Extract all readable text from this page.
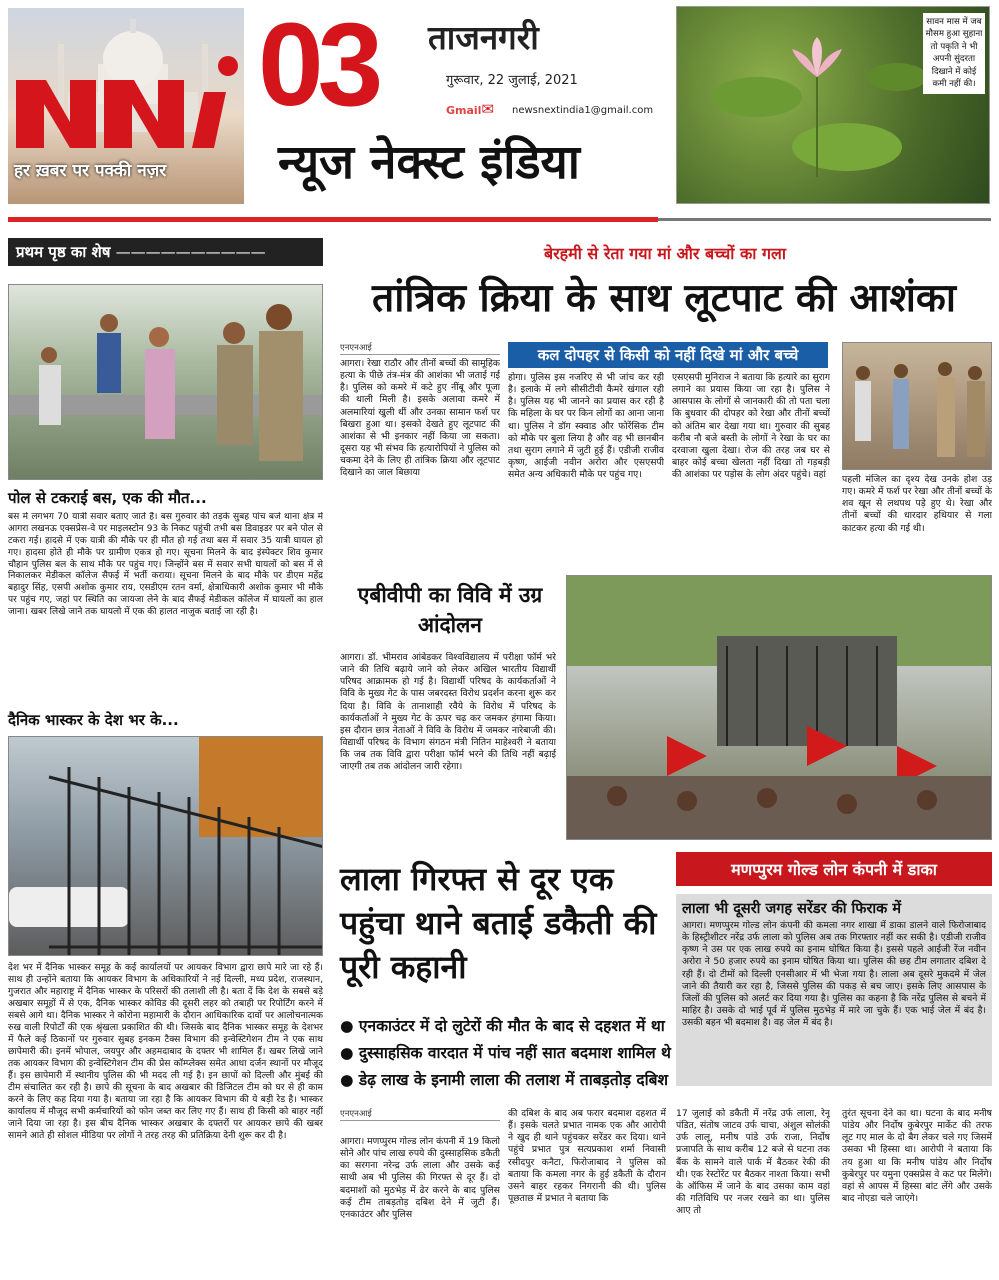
हर ख़बर पर पक्की नज़र
03 ताजनगरी
गुरूवार, 22 जुलाई, 2021
Gmail✉ newsnextindia1@gmail.com
न्यूज नेक्स्ट इंडिया
सावन मास में जब मौसम हुआ सुहाना तो पकृति ने भी अपनी सुंदरता दिखाने में कोई कमी नहीं की।
प्रथम पृष्ठ का शेष ——————————
पोल से टकराई बस, एक की मौत...
बस में लगभग 70 यात्री सवार बताए जाते हैं। बस गुरुवार की तड़के सुबह पांच बजे थाना क्षेत्र में आगरा लखनऊ एक्सप्रेस-वे पर माइलस्टोन 93 के निकट पहुंची तभी बस डिवाइडर पर बने पोल से टकरा गई। हादसे में एक यात्री की मौके पर ही मौत हो गई तथा बस में सवार 35 यात्री घायल हो गए। हादसा होते ही मौके पर ग्रामीण एकत्र हो गए। सूचना मिलने के बाद इंस्पेक्टर शिव कुमार चौहान पुलिस बल के साथ मौके पर पहुंच गए। जिन्होंने बस में सवार सभी घायलों को बस में से निकालकर मेडीकल कॉलेज सैफई में भर्ती कराया। सूचना मिलने के बाद मौके पर डीएम महेंद्र बहादुर सिंह, एसपी अशोक कुमार राय, एसडीएम रतन वर्मा, क्षेत्राधिकारी अशोक कुमार भी मौके पर पहुंच गए, जहां पर स्थिति का जायजा लेने के बाद सैफई मेडीकल कॉलेज में घायलों का हाल जाना। खबर लिखे जाने तक घायलो में एक की हालत नाजुक बताई जा रही है।
दैनिक भास्कर के देश भर के...
देश भर में दैनिक भास्कर समूह के कई कार्यालयों पर आयकर विभाग द्वारा छापे मारे जा रहे हैं। साथ ही उन्होंने बताया कि आयकर विभाग के अधिकारियों ने नई दिल्ली, मध्य प्रदेश, राजस्थान, गुजरात और महाराष्ट्र में दैनिक भास्कर के परिसरों की तलाशी ली है। बता दें कि देश के सबसे बड़े अखबार समूहों में से एक, दैनिक भास्कर कोविड की दूसरी लहर को तबाही पर रिपोर्टिंग करने में सबसे आगे था। दैनिक भास्कर ने कोरोना महामारी के दौरान आधिकारिक दावों पर आलोचनात्मक रुख वाली रिपोर्टों की एक श्रृंखला प्रकाशित की थी। जिसके बाद दैनिक भास्कर समूह के देशभर में फैले कई ठिकानों पर गुरुवार सुबह इनकम टैक्स विभाग की इन्वेस्टिगेशन टीम ने एक साथ छापेमारी की। इनमें भोपाल, जयपुर और अहमदाबाद के दफ्तर भी शामिल हैं। खबर लिखे जाने तक आयकर विभाग की इन्वेस्टिगेशन टीम की प्रेस कॉम्प्लेक्स समेत आधा दर्जन स्थानों पर मौजूद हैं। इस छापेमारी में स्थानीय पुलिस की भी मदद ली गई है। इन छापों को दिल्ली और मुंबई की टीम संचालित कर रही है। छापे की सूचना के बाद अखबार की डिजिटल टीम को घर से ही काम करने के लिए कह दिया गया है। बताया जा रहा है कि आयकर विभाग की ये बड़ी रेड है। भास्कर कार्यालय में मौजूद सभी कर्मचारियों को फोन जब्त कर लिए गए हैं। साथ ही किसी को बाहर नहीं जाने दिया जा रहा है। इस बीच दैनिक भास्कर अखबार के दफ्तरों पर आयकर छापे की खबर सामने आते ही सोशल मीडिया पर लोगों ने तरह तरह की प्रतिक्रिया देनी शुरू कर दी है।
बेरहमी से रेता गया मां और बच्चों का गला
तांत्रिक क्रिया के साथ लूटपाट की आशंका
एनएनआई	कल दोपहर से किसी को नहीं दिखे मां और बच्चे
आगरा। रेखा राठौर और तीनों बच्चों की सामूहिक हत्या के पीछे तंत्र-मंत्र की आशंका भी जताई गई है। पुलिस को कमरे में कटे हुए नींबू और पूजा की थाली मिली है। इसके अलावा कमरे में अलमारियां खुली थीं और उनका सामान फर्श पर बिखरा हुआ था। इसको देखते हुए लूटपाट की आशंका से भी इनकार नहीं किया जा सकता। दूसरा यह भी संभव कि हत्यारोपियों ने पुलिस को चकमा देने के लिए ही तांत्रिक क्रिया और लूटपाट दिखाने का जाल बिछाया
होगा। पुलिस इस नजरिए से भी जांच कर रही है। इलाके में लगे सीसीटीवी कैमरे खंगाल रही है। पुलिस यह भी जानने का प्रयास कर रही है कि महिला के घर पर किन लोगों का आना जाना था। पुलिस ने डॉग स्क्वाड और फोरेंसिक टीम को मौके पर बुला लिया है और वह भी छानबीन तथा सुराग लगाने में जुटी हुई हैं। एडीजी राजीव कृष्ण, आईजी नवीन अरोरा और एसएसपी समेत अन्य अधिकारी मौके पर पहुंच गए।
एसएसपी मुनिराज ने बताया कि हत्यारे का सुराग लगाने का प्रयास किया जा रहा है। पुलिस ने आसपास के लोगों से जानकारी की तो पता चला कि बुधवार की दोपहर को रेखा और तीनों बच्चों को अंतिम बार देखा गया था। गुरुवार की सुबह करीब नौ बजे बस्ती के लोगों ने रेखा के घर का दरवाजा खुला देखा। रोज की तरह जब घर से बाहर कोई बच्चा खेलता नहीं दिखा तो गड़बड़ी की आशंका पर पड़ोस के लोग अंदर पहुंचे। वहां	पहली मंजिल का दृश्य देख उनके होश उड़ गए। कमरे में फर्श पर रेखा और तीनों बच्चों के शव खून से लथपथ पड़े हुए थे। रेखा और तीनों बच्चों की धारदार हथियार से गला काटकर हत्या की गई थी।
एबीवीपी का विवि में उग्र आंदोलन
आगरा। डॉ. भीमराव आंबेडकर विश्वविद्यालय में परीक्षा फॉर्म भरे जाने की तिथि बढ़ाये जाने को लेकर अखिल भारतीय विद्यार्थी परिषद आक्रामक हो गई है। विद्यार्थी परिषद के कार्यकर्ताओं ने विवि के मुख्य गेट के पास जबरदस्त विरोध प्रदर्शन करना शुरू कर दिया है। विवि के तानाशाही रवैये के विरोध में परिषद के कार्यकर्ताओं ने मुख्य गेट के ऊपर चढ़ कर जमकर हंगामा किया। इस दौरान छात्र नेताओं ने विवि के विरोध में जमकर नारेबाजी की। विद्यार्थी परिषद के विभाग संगठन मंत्री नितिन माहेश्वरी ने बताया कि जब तक विवि द्वारा परीक्षा फॉर्म भरने की तिथि नहीं बढ़ाई जाएगी तब तक आंदोलन जारी रहेगा।
लाला गिरफ्त से दूर एक पहुंचा थाने बताई डकैती की पूरी कहानी
● एनकाउंटर में दो लुटेरों की मौत के बाद से दहशत में था
● दुस्साहसिक वारदात में पांच नहीं सात बदमाश शामिल थे
● डेढ़ लाख के इनामी लाला की तलाश में ताबड़तोड़ दबिश
एनएनआई
आगरा। मणप्पुरम गोल्ड लोन कंपनी में 19 किलो सोने और पांच लाख रुपये की दुस्साहसिक डकैती का सरगना नरेन्द्र उर्फ लाला और उसके कई साथी अब भी पुलिस की गिरफ्त से दूर हैं। दो बदमाशों को मुठभेड़ में ढेर करने के बाद पुलिस कई टीम ताबड़तोड़ दबिश देने में जुटी हैं। एनकाउंटर और पुलिस
की दबिश के बाद अब फरार बदमाश दहशत में हैं। इसके चलते प्रभात नामक एक और आरोपी ने खुद ही थाने पहुंचकर सरेंडर कर दिया। थाने पहुंचे प्रभात पुत्र सत्यप्रकाश शर्मा निवासी रसीदपुर कनैटा, फिरोजाबाद ने पुलिस को बताया कि कमला नगर के हुई डकैती के दौरान उसने बाहर रहकर निगरानी की थी। पुलिस पूछताछ में प्रभात ने बताया कि
17 जुलाई को डकैती में नरेंद्र उर्फ लाला, रेनू पंडित, संतोष जाटव उर्फ चाचा, अंशुल सोलंकी उर्फ लालू, मनीष पांडे उर्फ राजा, निर्दोष प्रजापति के साथ करीब 12 बजे से घटना तक बैंक के सामने वाले पार्क में बैठकर रेकी की थी। एक रेस्टोरेंट पर बैठकर नाश्ता किया। सभी के ऑफिस में जाने के बाद उसका काम वहां की गतिविधि पर नजर रखने का था। पुलिस आए तो
तुरंत सूचना देने का था। घटना के बाद मनीष पांडेय और निर्दोष कुबेरपुर मार्केट की तरफ लूट गए माल के दो बैग लेकर चले गए जिसमें उसका भी हिस्सा था। आरोपी ने बताया कि तय हुआ था कि मनीष पांडेय और निर्दोष कुबेरपुर पर यमुना एक्सप्रेस वे कट पर मिलेंगे। वहां से आपस में हिस्सा बांट लेंगे और उसके बाद नोएडा चले जाएंगे।
मणप्पुरम गोल्ड लोन कंपनी में डाका
लाला भी दूसरी जगह सरेंडर की फिराक में
आगरा। मणप्पुरम गोल्ड लोन कंपनी की कमला नगर शाखा में डाका डालने वाले फिरोजाबाद के हिस्ट्रीशीटर नरेंद्र उर्फ लाला को पुलिस अब तक गिरफ्तार नहीं कर सकी है। एडीजी राजीव कृष्ण ने उस पर एक लाख रुपये का इनाम घोषित किया है। इससे पहले आईजी रेंज नवीन अरोरा ने 50 हजार रुपये का इनाम घोषित किया था। पुलिस की छह टीम लगातार दबिश दे रही हैं। दो टीमों को दिल्ली एनसीआर में भी भेजा गया है। लाला अब दूसरे मुकदमे में जेल जाने की तैयारी कर रहा है, जिससे पुलिस की पकड़ से बच जाए। इसके लिए आसपास के जिलों की पुलिस को अलर्ट कर दिया गया है। पुलिस का कहना है कि नरेंद्र पुलिस से बचने में माहिर है। उसके दो भाई पूर्व में पुलिस मुठभेड़ में मारे जा चुके हैं। एक भाई जेल में बंद है। उसकी बहन भी बदमाश है। वह जेल में बंद है।
